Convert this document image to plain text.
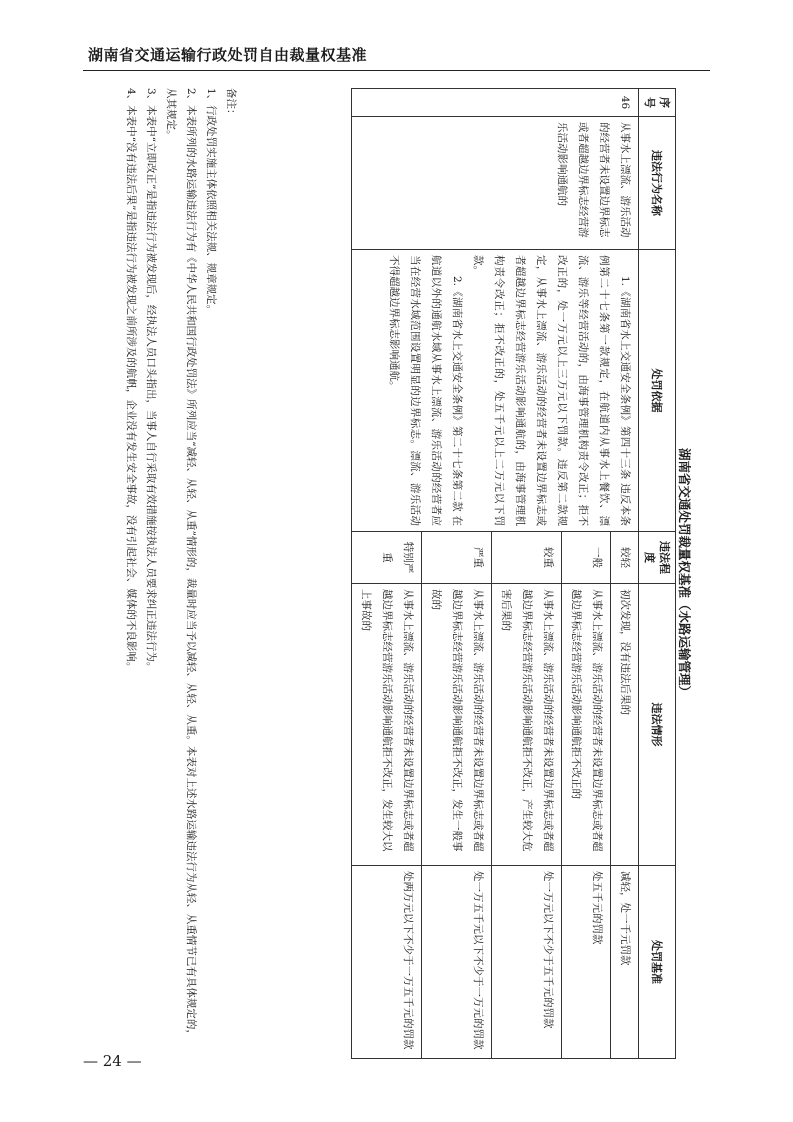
湖南省交通运输行政处罚自由裁量权基准
湖南省交通处罚裁量权基准（水路运输管理）
序号	违法行为名称	处罚依据	违法程度	违法情形	处罚基准
46	从事水上漂流、游乐活动的经营者未设置边界标志或者超越边界标志经营游乐活动影响通航的	1.《湖南省水上交通安全条例》第四十三条 违反本条例第二十七条第一款规定，在航道内从事水上餐饮、漂流、游乐等经营活动的，由海事管理机构责令改正；拒不改正的，处一万元以上三万元以下罚款。违反第二款规定，从事水上漂流、游乐活动的经营者未设置边界标志或者超越边界标志经营游乐活动影响通航的，由海事管理机构责令改正；拒不改正的，处五千元以上二万元以下罚款。

2.《湖南省水上交通安全条例》第二十七条第二款 在航道以外的通航水域从事水上漂流、游乐活动的经营者应当在经营水域范围设置明显的边界标志。漂流、游乐活动不得超越边界标志影响通航。	较轻	初次发现，没有违法后果的	减轻，处一千元罚款
			一般	从事水上漂流、游乐活动的经营者未设置边界标志或者超越边界标志经营游乐活动影响通航拒不改正的	处五千元的罚款
			较重	从事水上漂流、游乐活动的经营者未设置边界标志或者超越边界标志经营游乐活动影响通航拒不改正，产生较大危害后果的	处一万元以下不少于五千元的罚款
			严重	从事水上漂流、游乐活动的经营者未设置边界标志或者超越边界标志经营游乐活动影响通航拒不改正，发生一般事故的	处一万五千元以下不少于一万元的罚款
			特别严重	从事水上漂流、游乐活动的经营者未设置边界标志或者超越边界标志经营游乐活动影响通航拒不改正，发生较大以上事故的	处两万元以下不少于一万五千元的罚款
备注：
1、行政处罚实施主体依照相关法规、规章规定。
2、本表所列的水路运输违法行为有《中华人民共和国行政处罚法》所列应当“减轻、从轻、从重”情形的，裁量时应当予以减轻、从轻、从重。本表对上述水路运输违法行为从轻、从重情节已有具体规定的，从其规定。
3、本表中“立即改正”是指违法行为被发现后，经执法人员口头指出，当事人自行采取有效措施按执法人员要求纠正违法行为。
4、本表中“没有违法后果”是指违法行为被发现之前所涉及的航帆，企业没有发生安全事故，没有引起社会、媒体的不良影响。
— 24 —
